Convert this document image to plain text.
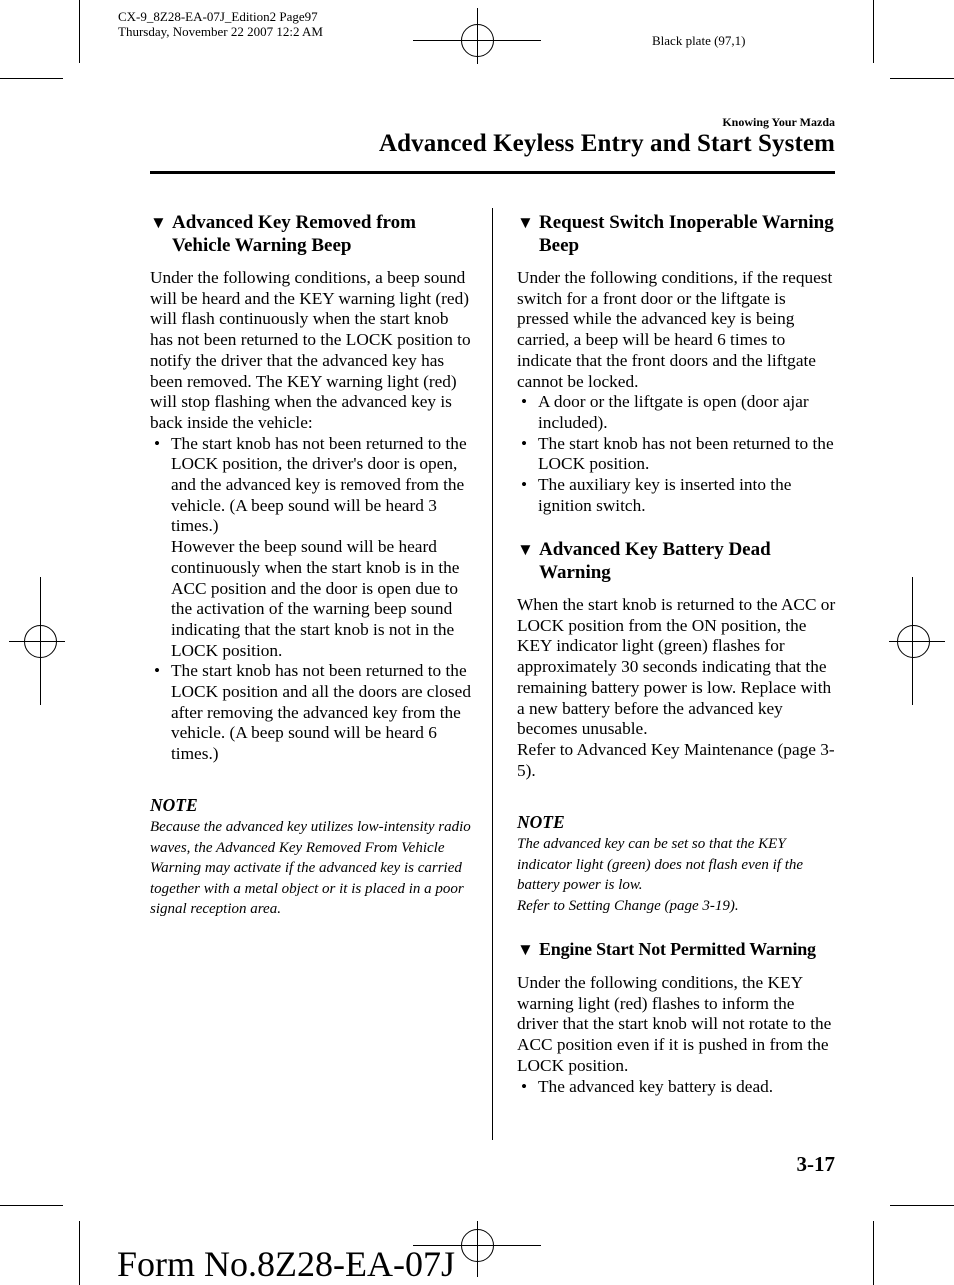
CX-9_8Z28-EA-07J_Edition2 Page97
Thursday, November 22 2007 12:2 AM
Black plate (97,1)
Knowing Your Mazda
Advanced Keyless Entry and Start System
▼ Advanced Key Removed from Vehicle Warning Beep

Under the following conditions, a beep sound will be heard and the KEY warning light (red) will flash continuously when the start knob has not been returned to the LOCK position to notify the driver that the advanced key has been removed. The KEY warning light (red) will stop flashing when the advanced key is back inside the vehicle:

• The start knob has not been returned to the LOCK position, the driver's door is open, and the advanced key is removed from the vehicle. (A beep sound will be heard 3 times.)
However the beep sound will be heard continuously when the start knob is in the ACC position and the door is open due to the activation of the warning beep sound indicating that the start knob is not in the LOCK position.
• The start knob has not been returned to the LOCK position and all the doors are closed after removing the advanced key from the vehicle. (A beep sound will be heard 6 times.)
NOTE
Because the advanced key utilizes low-intensity radio waves, the Advanced Key Removed From Vehicle Warning may activate if the advanced key is carried together with a metal object or it is placed in a poor signal reception area.
▼ Request Switch Inoperable Warning Beep

Under the following conditions, if the request switch for a front door or the liftgate is pressed while the advanced key is being carried, a beep will be heard 6 times to indicate that the front doors and the liftgate cannot be locked.

• A door or the liftgate is open (door ajar included).
• The start knob has not been returned to the LOCK position.
• The auxiliary key is inserted into the ignition switch.
▼ Advanced Key Battery Dead Warning

When the start knob is returned to the ACC or LOCK position from the ON position, the KEY indicator light (green) flashes for approximately 30 seconds indicating that the remaining battery power is low. Replace with a new battery before the advanced key becomes unusable.

Refer to Advanced Key Maintenance (page 3-5).

NOTE
The advanced key can be set so that the KEY indicator light (green) does not flash even if the battery power is low.
Refer to Setting Change (page 3-19).
▼ Engine Start Not Permitted Warning

Under the following conditions, the KEY warning light (red) flashes to inform the driver that the start knob will not rotate to the ACC position even if it is pushed in from the LOCK position.

• The advanced key battery is dead.
3-17
Form No.8Z28-EA-07J
